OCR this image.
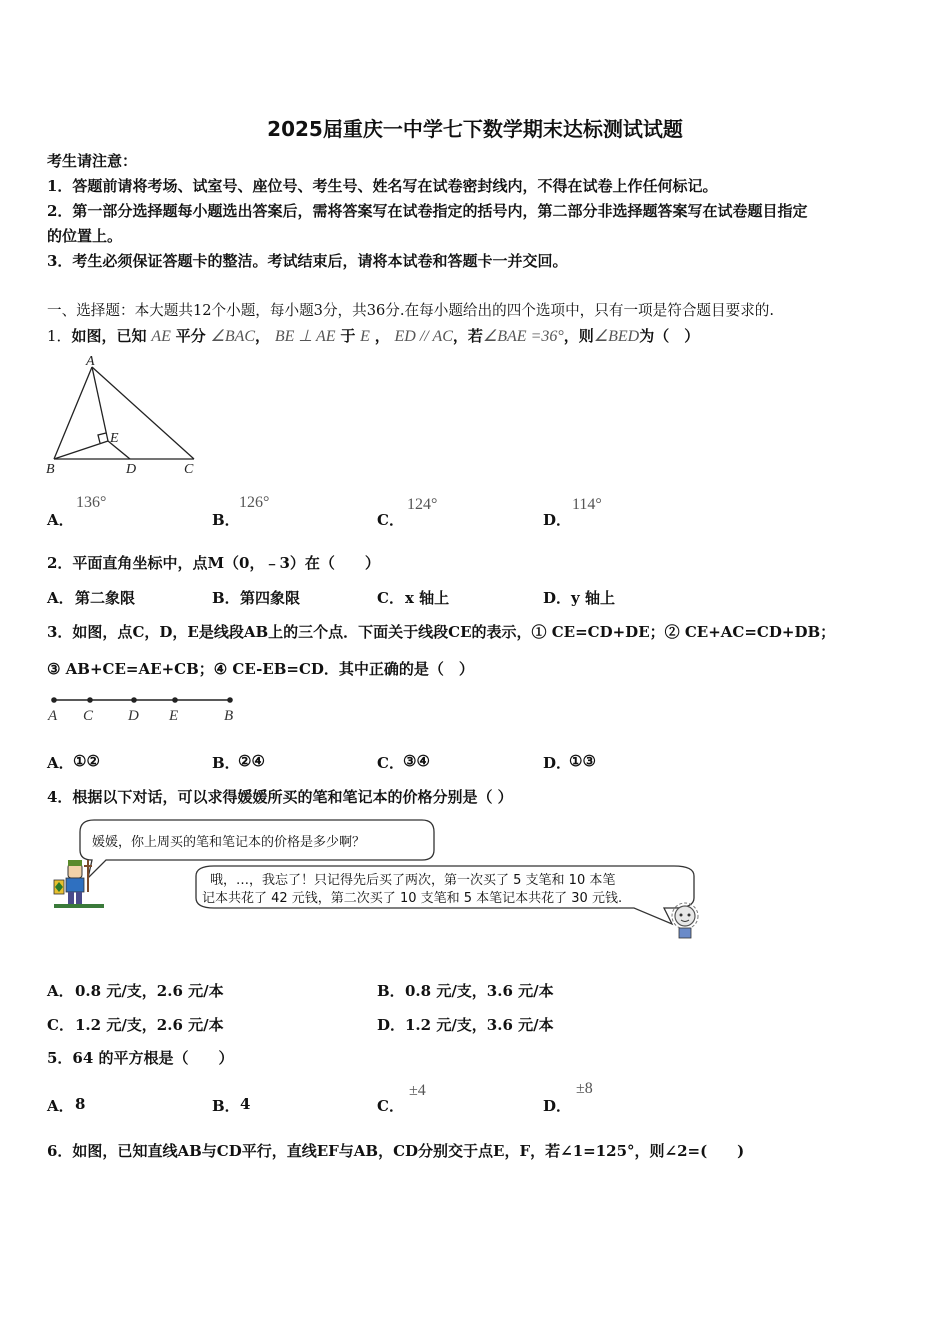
2025届重庆一中学七下数学期末达标测试试题
考生请注意：
1．答题前请将考场、试室号、座位号、考生号、姓名写在试卷密封线内，不得在试卷上作任何标记。
2．第一部分选择题每小题选出答案后，需将答案写在试卷指定的括号内，第二部分非选择题答案写在试卷题目指定
的位置上。
3．考生必须保证答题卡的整洁。考试结束后，请将本试卷和答题卡一并交回。
一、选择题：本大题共12个小题，每小题3分，共36分.在每小题给出的四个选项中，只有一项是符合题目要求的.
1．如图，已知 AE 平分 ∠BAC， BE ⊥ AE 于 E ， ED // AC，若∠BAE =36°，则∠BED为（　）
A
B	C
D
E
A．
136°
B．
126°
C．
124°
D．
114°
2．平面直角坐标中，点M（0，﹣3）在（　　）
A． 第二象限	B． 第四象限	C． x 轴上	D． y 轴上
3．如图，点C，D，E是线段AB上的三个点．下面关于线段CE的表示，① CE=CD+DE；② CE+AC=CD+DB；
③ AB+CE=AE+CB；④ CE-EB=CD．其中正确的是（　）
A C D E	B
A． ①②	B．
②④	C． ③④	D．
①③
4．根据以下对话，可以求得媛媛所买的笔和笔记本的价格分别是（ ）
媛媛，你上周买的笔和笔记本的价格是多少啊？
哦，…，我忘了！只记得先后买了两次，第一次买了 5 支笔和 10 本笔
记本共花了 42 元钱，第二次买了 10 支笔和 5 本笔记本共花了 30 元钱.
A． 0.8 元/支，2.6 元/本	B． 0.8 元/支，3.6 元/本
C． 1.2 元/支，2.6 元/本	D． 1.2 元/支，3.6 元/本
5．64 的平方根是（　　）
A． 8	B． 4	C．
±4
D．
±8
6．如图，已知直线AB与CD平行，直线EF与AB，CD分别交于点E，F，若∠1=125°，则∠2=(　　)
